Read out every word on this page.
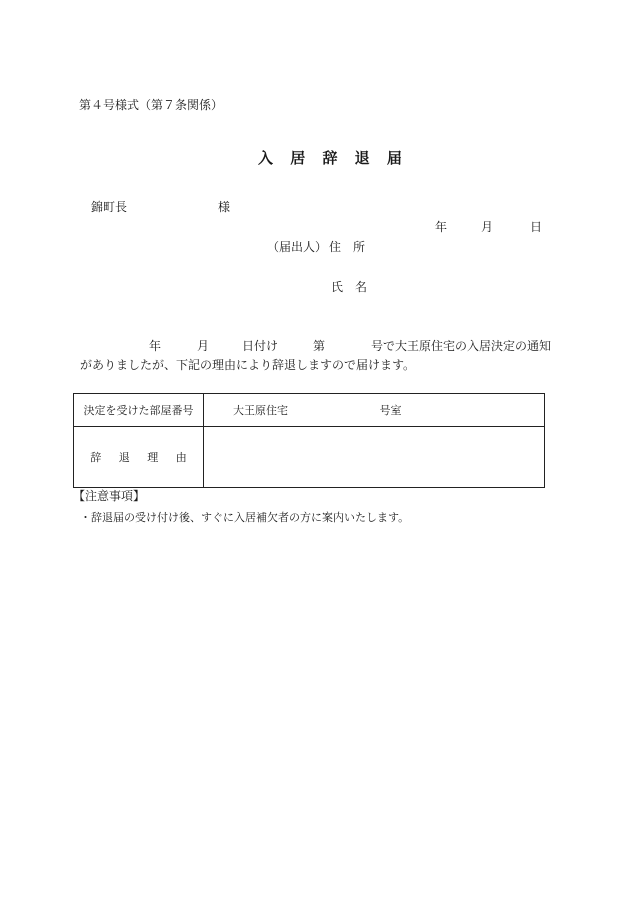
第４号様式（第７条関係）
入 居 辞 退 届
錦町長	様
年	月	日
（届出人） 住　所
氏　名
年	月	日付け	第	号で大王原住宅の入居決定の通知
がありましたが、下記の理由により辞退しますので届けます。
決定を受けた部屋番号	大王原住宅 号室
辞 退 理 由	
【注意事項】
・辞退届の受け付け後、すぐに入居補欠者の方に案内いたします。
